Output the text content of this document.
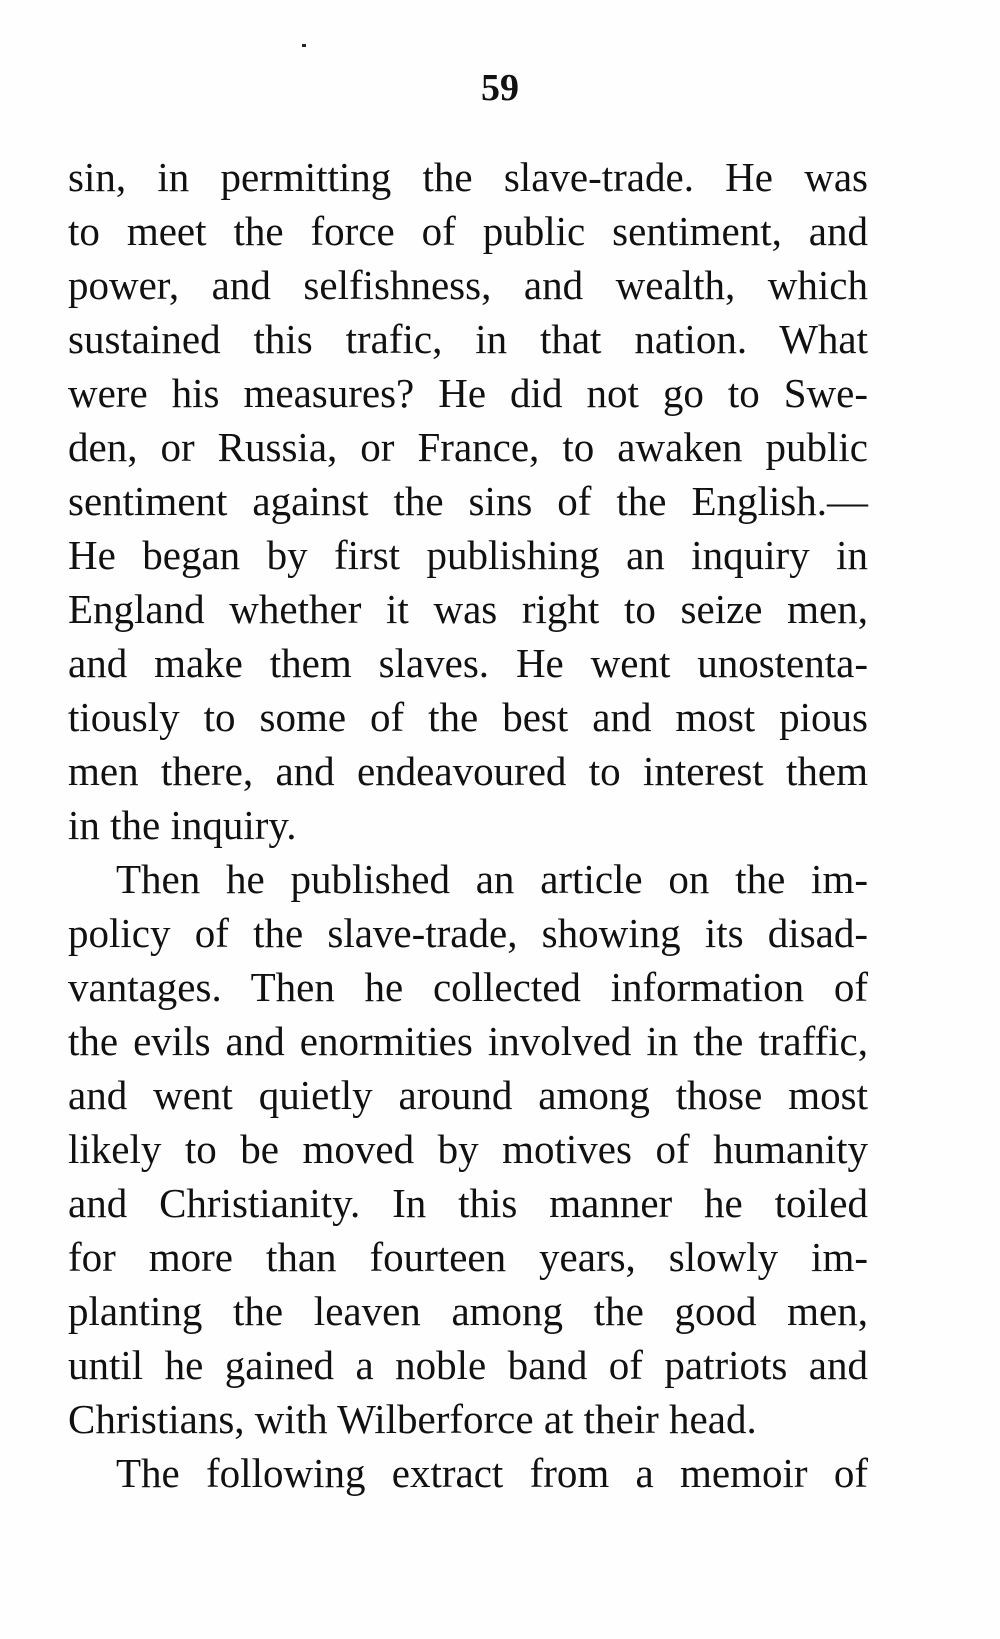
59
sin, in permitting the slave-trade. He was
to meet the force of public sentiment, and
power, and selfishness, and wealth, which
sustained this trafic, in that nation. What
were his measures? He did not go to Swe-
den, or Russia, or France, to awaken public
sentiment against the sins of the English.—
He began by first publishing an inquiry in
England whether it was right to seize men,
and make them slaves. He went unostenta-
tiously to some of the best and most pious
men there, and endeavoured to interest them
in the inquiry.
Then he published an article on the im-
policy of the slave-trade, showing its disad-
vantages. Then he collected information of
the evils and enormities involved in the traffic,
and went quietly around among those most
likely to be moved by motives of humanity
and Christianity. In this manner he toiled
for more than fourteen years, slowly im-
planting the leaven among the good men,
until he gained a noble band of patriots and
Christians, with Wilberforce at their head.
The following extract from a memoir of
